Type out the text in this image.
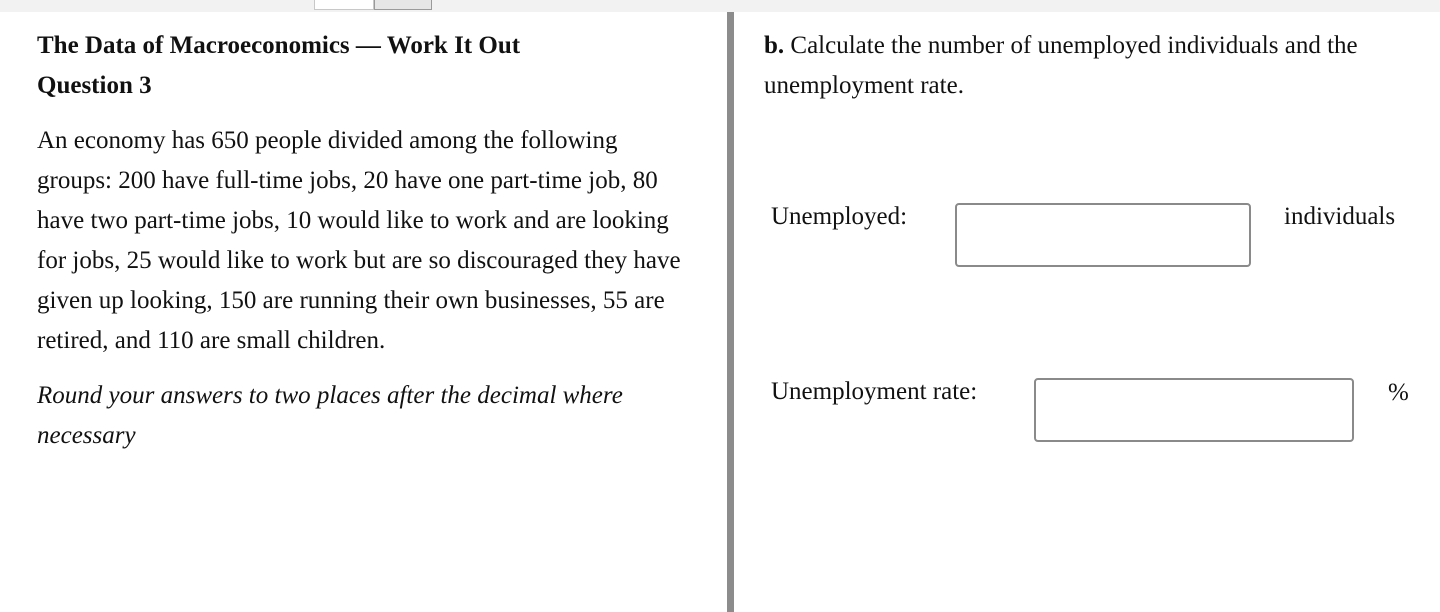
The Data of Macroeconomics — Work It Out

Question 3

An economy has 650 people divided among the following groups: 200 have full-time jobs, 20 have one part-time job, 80 have two part-time jobs, 10 would like to work and are looking for jobs, 25 would like to work but are so discouraged they have given up looking, 150 are running their own businesses, 55 are retired, and 110 are small children.

Round your answers to two places after the decimal where necessary

b. Calculate the number of unemployed individuals and the unemployment rate.

Unemployed:	individuals
Unemployment rate:	%
